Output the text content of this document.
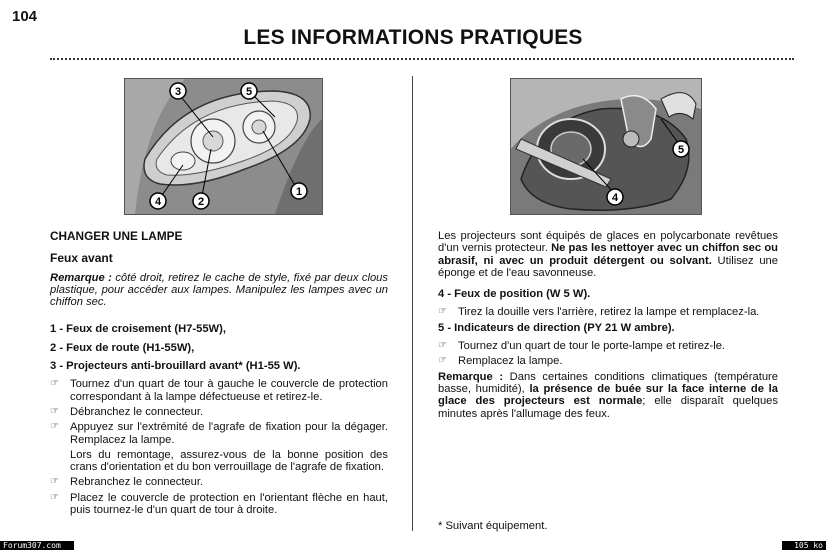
104
LES INFORMATIONS PRATIQUES
3	5
4	2
1	4
5
CHANGER UNE LAMPE
Feux avant
Remarque : côté droit, retirez le cache de style, fixé par deux clous plastique, pour accéder aux lampes. Manipulez les lampes avec un chiffon sec.
1 - Feux de croisement (H7-55W),
2 - Feux de route (H1-55W),
3 - Projecteurs anti-brouillard avant* (H1-55 W).
☞ Tournez d'un quart de tour à gauche le couvercle de protection correspondant à la lampe défectueuse et retirez-le.
☞ Débranchez le connecteur.
☞ Appuyez sur l'extrémité de l'agrafe de fixation pour la dégager. Remplacez la lampe.
Lors du remontage, assurez-vous de la bonne position des crans d'orientation et du bon verrouillage de l'agrafe de fixation.
☞ Rebranchez le connecteur.
☞ Placez le couvercle de protection en l'orientant flèche en haut, puis tournez-le d'un quart de tour à droite.
Les projecteurs sont équipés de glaces en polycarbonate revêtues d'un vernis protecteur. Ne pas les nettoyer avec un chiffon sec ou abrasif, ni avec un produit détergent ou solvant. Utilisez une éponge et de l'eau savonneuse.
4 - Feux de position (W 5 W).
☞ Tirez la douille vers l'arrière, retirez la lampe et remplacez-la.
5 - Indicateurs de direction (PY 21 W ambre).
☞ Tournez d'un quart de tour le porte-lampe et retirez-le.
☞ Remplacez la lampe.
Remarque : Dans certaines conditions climatiques (température basse, humidité), la présence de buée sur la face interne de la glace des projecteurs est normale; elle disparaît quelques minutes après l'allumage des feux.
* Suivant équipement.
Forum307.com	105 ko
